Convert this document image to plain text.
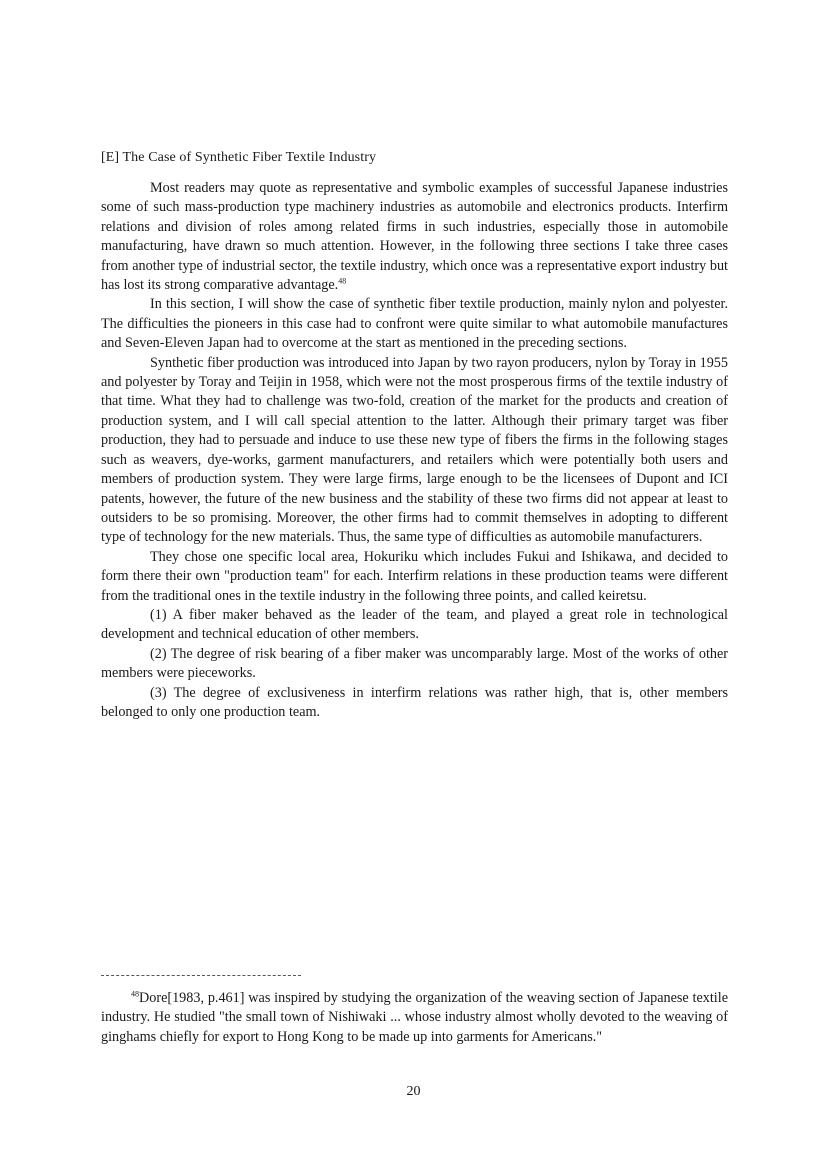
[E] The Case of Synthetic Fiber Textile Industry

Most readers may quote as representative and symbolic examples of successful Japanese industries some of such mass-production type machinery industries as automobile and electronics products. Interfirm relations and division of roles among related firms in such industries, especially those in automobile manufacturing, have drawn so much attention. However, in the following three sections I take three cases from another type of industrial sector, the textile industry, which once was a representative export industry but has lost its strong comparative advantage.$^{48}$

In this section, I will show the case of synthetic fiber textile production, mainly nylon and polyester. The difficulties the pioneers in this case had to confront were quite similar to what automobile manufactures and Seven-Eleven Japan had to overcome at the start as mentioned in the preceding sections.

Synthetic fiber production was introduced into Japan by two rayon producers, nylon by Toray in 1955 and polyester by Toray and Teijin in 1958, which were not the most prosperous firms of the textile industry of that time. What they had to challenge was two-fold, creation of the market for the products and creation of production system, and I will call special attention to the latter. Although their primary target was fiber production, they had to persuade and induce to use these new type of fibers the firms in the following stages such as weavers, dye-works, garment manufacturers, and retailers which were potentially both users and members of production system. They were large firms, large enough to be the licensees of Dupont and ICI patents, however, the future of the new business and the stability of these two firms did not appear at least to outsiders to be so promising. Moreover, the other firms had to commit themselves in adopting to different type of technology for the new materials. Thus, the same type of difficulties as automobile manufacturers.

They chose one specific local area, Hokuriku which includes Fukui and Ishikawa, and decided to form there their own "production team" for each. Interfirm relations in these production teams were different from the traditional ones in the textile industry in the following three points, and called keiretsu.

(1) A fiber maker behaved as the leader of the team, and played a great role in technological development and technical education of other members.

(2) The degree of risk bearing of a fiber maker was uncomparably large. Most of the works of other members were pieceworks.

(3) The degree of exclusiveness in interfirm relations was rather high, that is, other members belonged to only one production team.

$^{48}$Dore[1983, p.461] was inspired by studying the organization of the weaving section of Japanese textile industry. He studied "the small town of Nishiwaki ... whose industry almost wholly devoted to the weaving of ginghams chiefly for export to Hong Kong to be made up into garments for Americans."

20
